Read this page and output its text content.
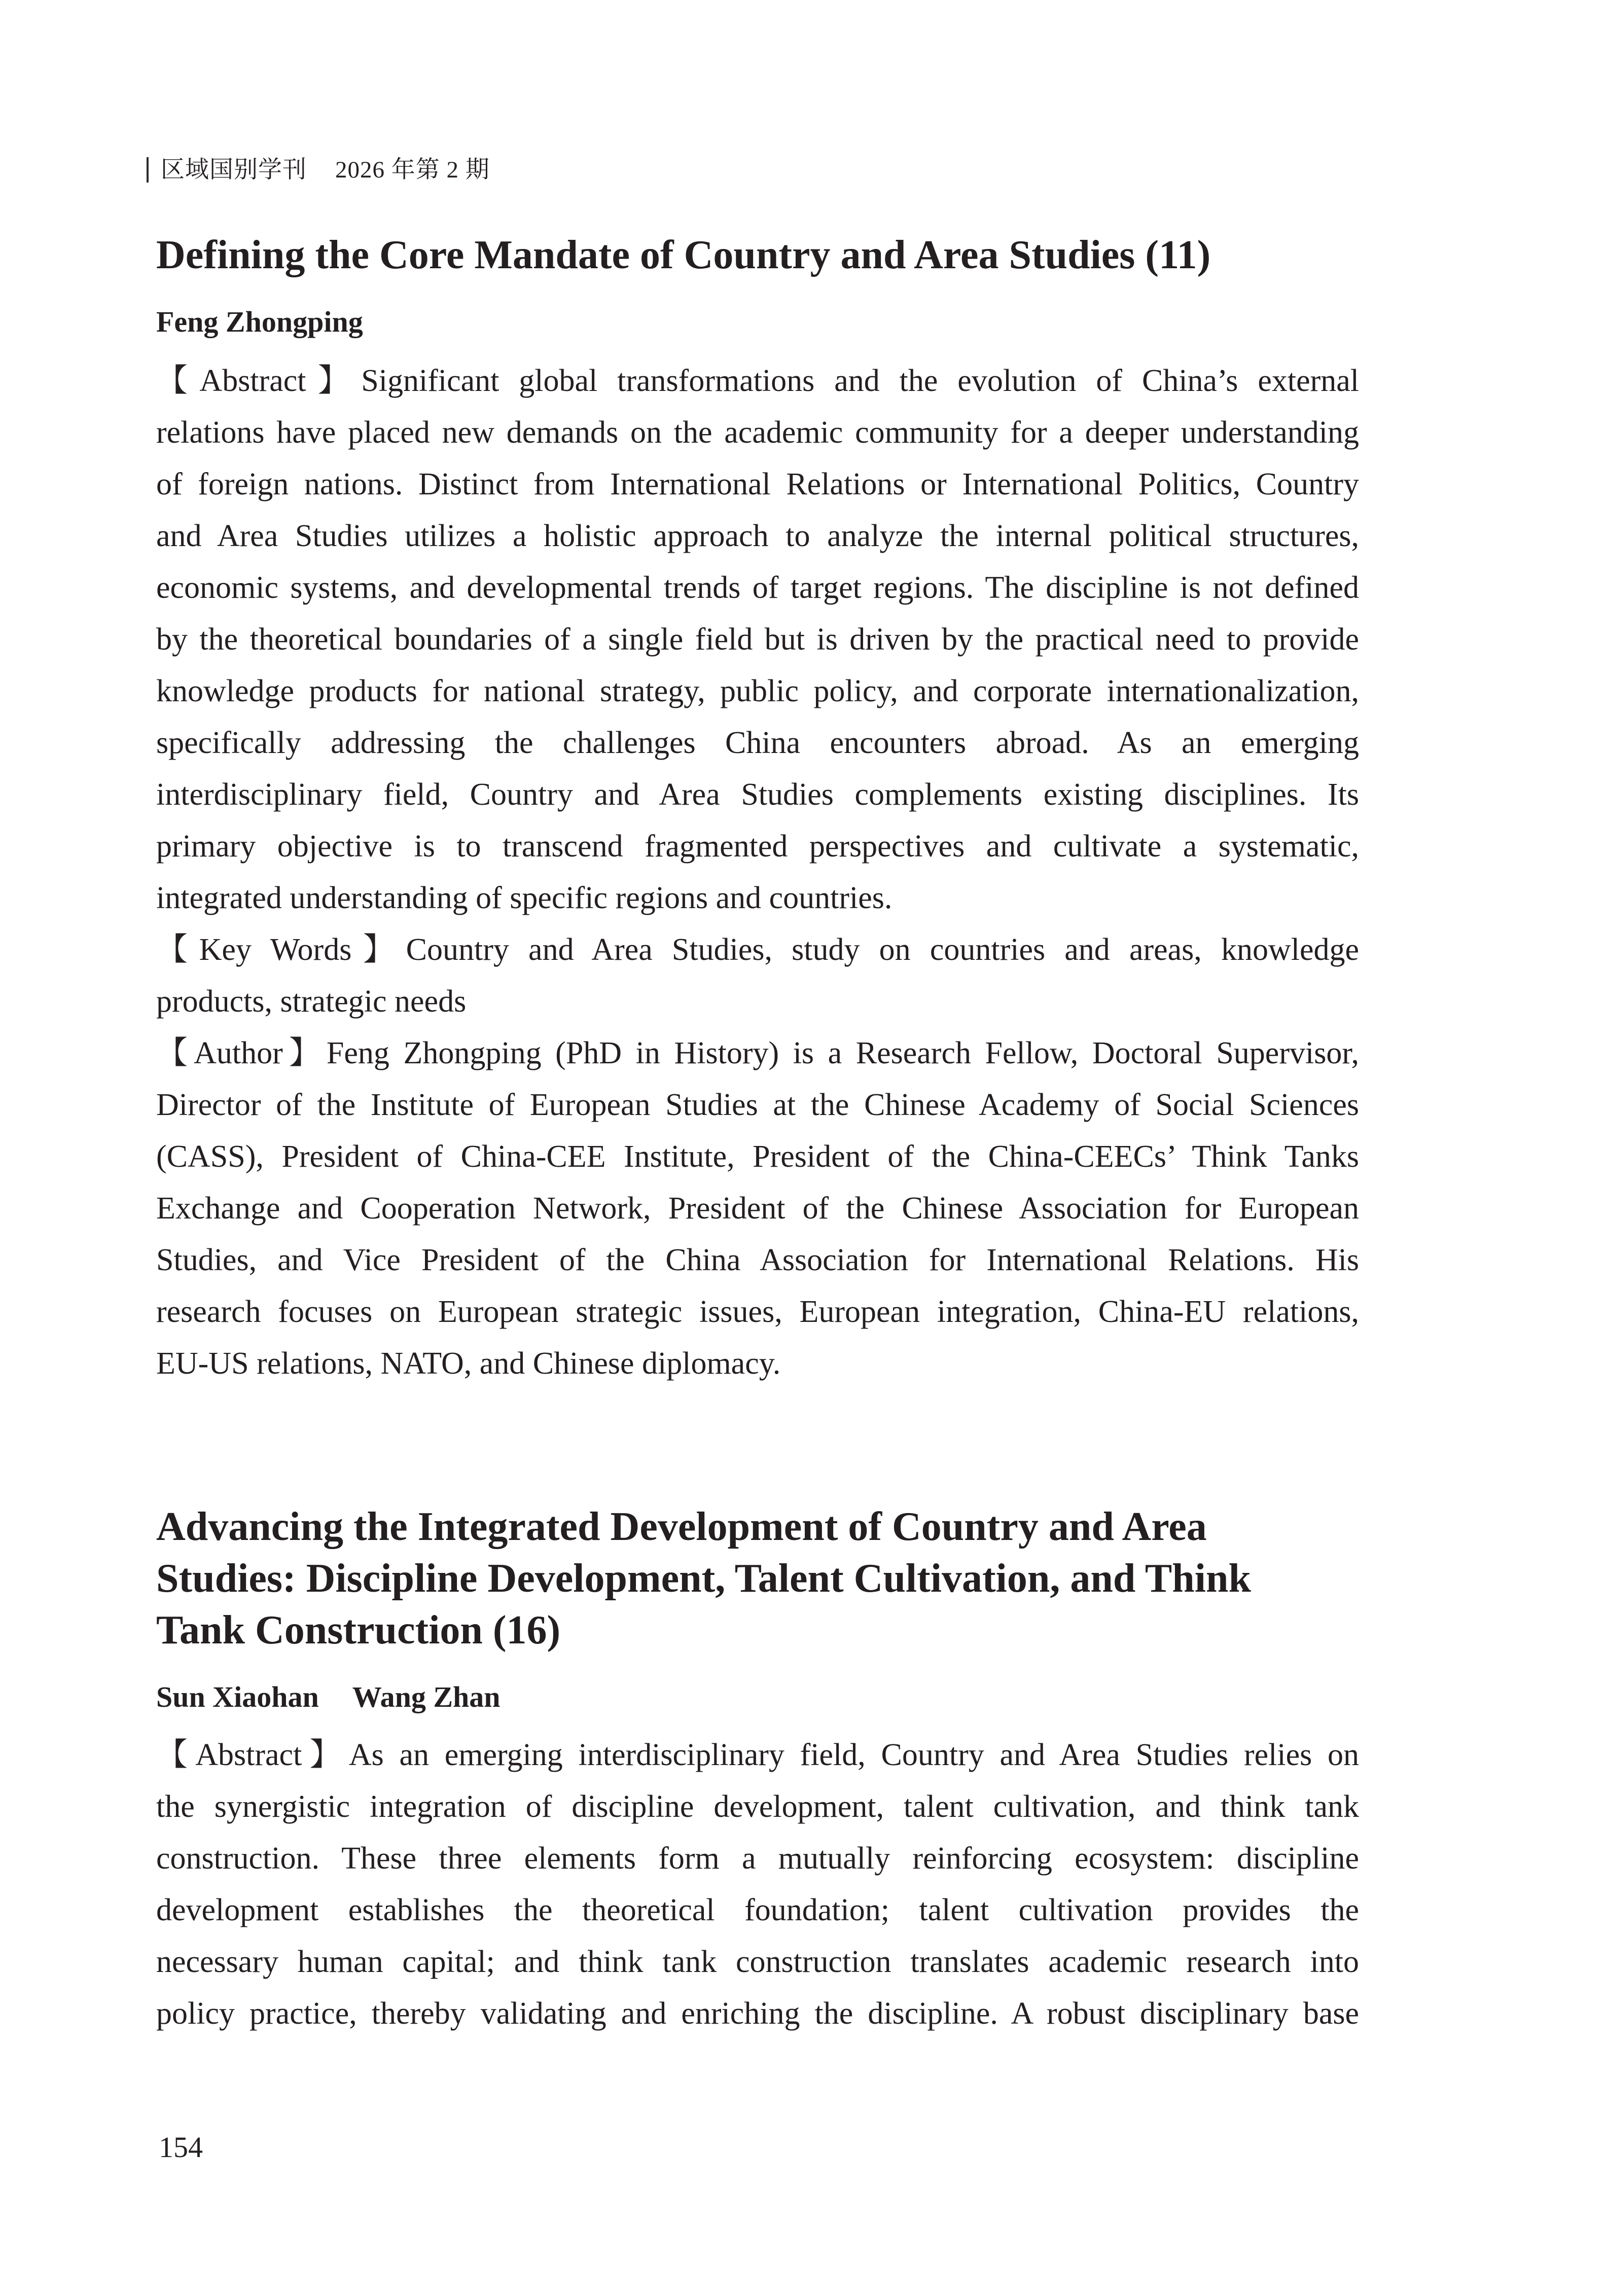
区域国别学刊 2026 年第 2 期
Defining the Core Mandate of Country and Area Studies (11)
Feng Zhongping
【Abstract】Significant global transformations and the evolution of China’s external
relations have placed new demands on the academic community for a deeper understanding
of foreign nations. Distinct from International Relations or International Politics, Country
and Area Studies utilizes a holistic approach to analyze the internal political structures,
economic systems, and developmental trends of target regions. The discipline is not defined
by the theoretical boundaries of a single field but is driven by the practical need to provide
knowledge products for national strategy, public policy, and corporate internationalization,
specifically addressing the challenges China encounters abroad. As an emerging
interdisciplinary field, Country and Area Studies complements existing disciplines. Its
primary objective is to transcend fragmented perspectives and cultivate a systematic,
integrated understanding of specific regions and countries.
【Key Words】Country and Area Studies, study on countries and areas, knowledge
products, strategic needs
【Author】Feng Zhongping (PhD in History) is a Research Fellow, Doctoral Supervisor,
Director of the Institute of European Studies at the Chinese Academy of Social Sciences
(CASS), President of China-CEE Institute, President of the China-CEECs’ Think Tanks
Exchange and Cooperation Network, President of the Chinese Association for European
Studies, and Vice President of the China Association for International Relations. His
research focuses on European strategic issues, European integration, China-EU relations,
EU-US relations, NATO, and Chinese diplomacy.
Advancing the Integrated Development of Country and Area
Studies: Discipline Development, Talent Cultivation, and Think
Tank Construction (16)
Sun Xiaohan Wang Zhan
【Abstract】As an emerging interdisciplinary field, Country and Area Studies relies on
the synergistic integration of discipline development, talent cultivation, and think tank
construction. These three elements form a mutually reinforcing ecosystem: discipline
development establishes the theoretical foundation; talent cultivation provides the
necessary human capital; and think tank construction translates academic research into
policy practice, thereby validating and enriching the discipline. A robust disciplinary base
154
